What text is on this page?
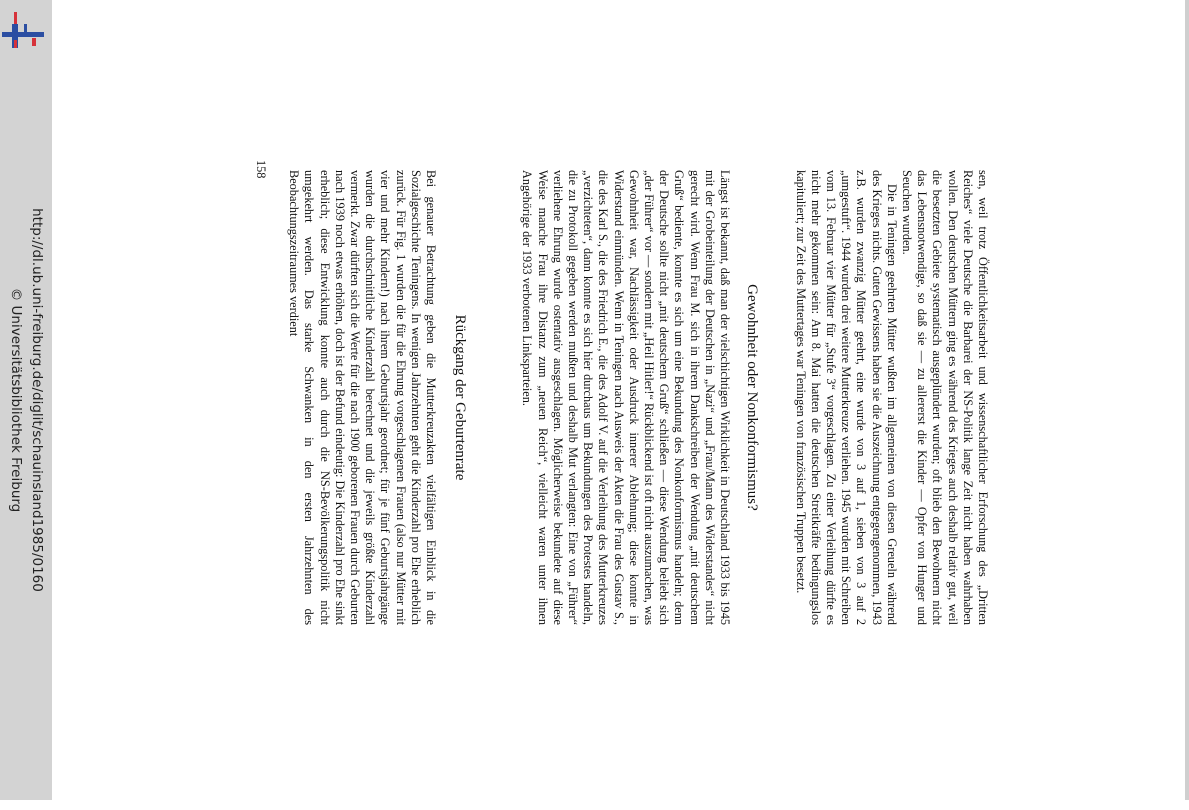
http://dl.ub.uni-freiburg.de/diglit/schauinsland1985/0160
© Universitätsbibliothek Freiburg	sen, weil trotz Öffentlichkeitsarbeit und wissenschaftlicher Erforschung des „Dritten Reiches“ viele Deutsche die Barbarei der NS-Politik lange Zeit nicht haben wahrhaben wollen. Den deutschen Müttern ging es während des Krieges auch deshalb relativ gut, weil die besetzten Gebiete systematisch ausgeplündert wurden; oft blieb den Bewohnern nicht das Lebensnotwendige, so daß sie — zu allererst die Kinder — Opfer von Hunger und Seuchen wurden.

Die in Teningen geehrten Mütter wußten im allgemeinen von diesen Greueln während des Krieges nichts. Guten Gewissens haben sie die Auszeichnung entgegengenommen, 1943 z.B. wurden zwanzig Mütter geehrt, eine wurde von 3 auf 1, sieben von 3 auf 2 „umgestuft“. 1944 wurden drei weitere Mutterkreuze verliehen. 1945 wurden mit Schreiben vom 13. Februar vier Mütter für „Stufe 3“ vorgeschlagen. Zu einer Verleihung dürfte es nicht mehr gekommen sein: Am 8. Mai hatten die deutschen Streitkräfte bedingungslos kapituliert; zur Zeit des Muttertages war Teningen von französischen Truppen besetzt.

Gewohnheit oder Nonkonformismus?

Längst ist bekannt, daß man der vielschichtigen Wirklichkeit in Deutschland 1933 bis 1945 mit der Grobeinteilung der Deutschen in „Nazi“ und „Frau/Mann des Widerstandes“ nicht gerecht wird. Wenn Frau M. sich in ihrem Dankschreiben der Wendung „mit deutschem Gruß“ bediente, konnte es sich um eine Bekundung des Nonkonformismus handeln; denn der Deutsche sollte nicht „mit deutschem Gruß“ schließen — diese Wendung beliebt sich „der Führer“ vor — sondern mit „Heil Hitler!“ Rückblickend ist oft nicht auszumachen, was Gewohnheit war, Nachlässigkeit oder Ausdruck innerer Ablehnung; diese konnte in Widerstand einmünden. Wenn in Teningen nach Ausweis der Akten die Frau des Gustav S., die des Karl S., die des Friedrich E., die des Adolf V. auf die Verleihung des Mutterkreuzes „verzichteten“, dann konnte es sich hier durchaus um Bekundungen des Protestes handeln, die zu Protokoll gegeben werden mußten und deshalb Mut verlangten: Eine von „Führer“ verliehene Ehrung wurde ostentativ ausgeschlagen. Möglicherweise bekundete auf diese Weise manche Frau ihre Distanz zum „neuen Reich“, vielleicht waren unter ihnen Angehörige der 1933 verbotenen Linksparteien.

Rückgang der Geburtenrate

Bei genauer Betrachtung geben die Mutterkreuzakten vielfältigen Einblick in die Sozialgeschichte Teningens. In wenigen Jahrzehnten geht die Kinderzahl pro Ehe erheblich zurück. Für Fig. 1 wurden die für die Ehrung vorgeschlagenen Frauen (also nur Mütter mit vier und mehr Kindern!) nach ihrem Geburtsjahr geordnet; für je fünf Geburtsjahrgänge wurden die durchschnittliche Kinderzahl berechnet und die jeweils größte Kinderzahl vermerkt. Zwar dürften sich die Werte für die nach 1900 geborenen Frauen durch Geburten nach 1939 noch etwas erhöhen, doch ist der Befund eindeutig: Die Kinderzahl pro Ehe sinkt erheblich; diese Entwicklung konnte auch durch die NS-Bevölkerungspolitik nicht umgekehrt werden. Das starke Schwanken in den ersten Jahrzehnten des Beobachtungszeitraumes verdient

158
